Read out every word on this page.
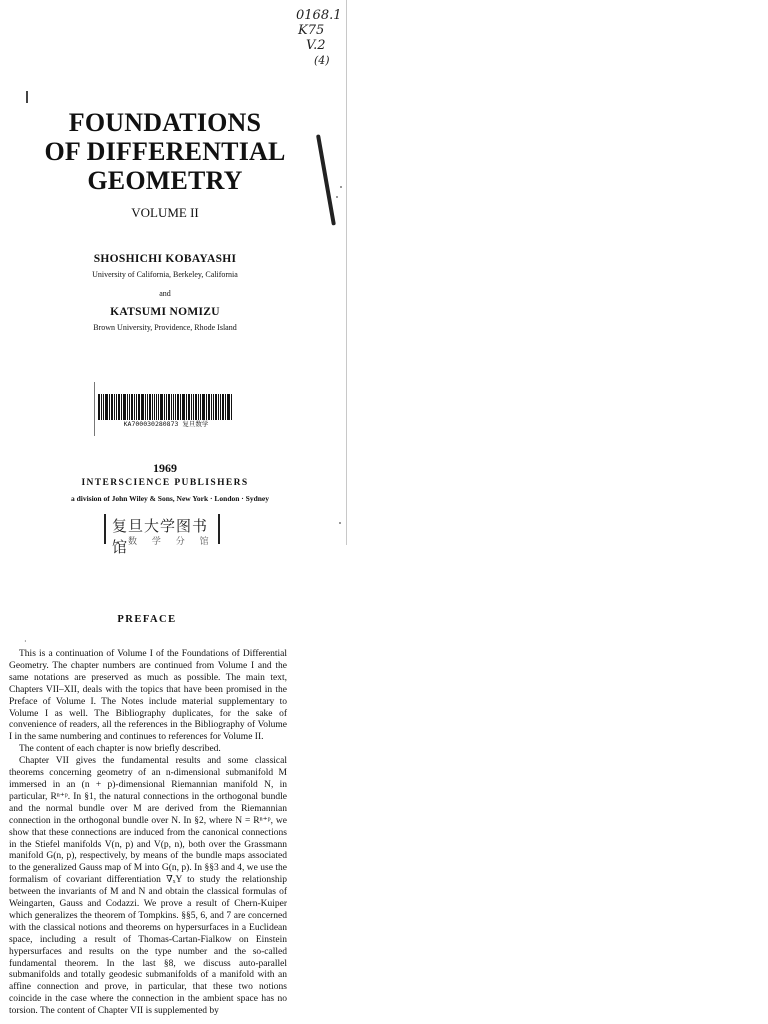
0168.1
K75
V.2
(4)
FOUNDATIONS
OF DIFFERENTIAL
GEOMETRY
VOLUME II
SHOSHICHI KOBAYASHI
University of California, Berkeley, California
and
KATSUMI NOMIZU
Brown University, Providence, Rhode Island
KA700030280873 复旦数学
1969
INTERSCIENCE PUBLISHERS
a division of John Wiley & Sons, New York · London · Sydney
复旦大学图书馆 数 学 分 馆
PREFACE
·

This is a continuation of Volume I of the Foundations of Differential Geometry. The chapter numbers are continued from Volume I and the same notations are preserved as much as possible. The main text, Chapters VII–XII, deals with the topics that have been promised in the Preface of Volume I. The Notes include material supplementary to Volume I as well. The Bibliography duplicates, for the sake of convenience of readers, all the references in the Bibliography of Volume I in the same numbering and continues to references for Volume II.

The content of each chapter is now briefly described.

Chapter VII gives the fundamental results and some classical theorems concerning geometry of an n-dimensional submanifold M immersed in an (n + p)-dimensional Riemannian manifold N, in particular, Rⁿ⁺ᵖ. In §1, the natural connections in the orthogonal bundle and the normal bundle over M are derived from the Riemannian connection in the orthogonal bundle over N. In §2, where N = Rⁿ⁺ᵖ, we show that these connections are induced from the canonical connections in the Stiefel manifolds V(n, p) and V(p, n), both over the Grassmann manifold G(n, p), respectively, by means of the bundle maps associated to the generalized Gauss map of M into G(n, p). In §§3 and 4, we use the formalism of covariant differentiation ∇ₓY to study the relationship between the invariants of M and N and obtain the classical formulas of Weingarten, Gauss and Codazzi. We prove a result of Chern-Kuiper which generalizes the theorem of Tompkins. §§5, 6, and 7 are concerned with the classical notions and theorems on hypersurfaces in a Euclidean space, including a result of Thomas-Cartan-Fialkow on Einstein hypersurfaces and results on the type number and the so-called fundamental theorem. In the last §8, we discuss auto-parallel submanifolds and totally geodesic submanifolds of a manifold with an affine connection and prove, in particular, that these two notions coincide in the case where the connection in the ambient space has no torsion. The content of Chapter VII is supplemented by
